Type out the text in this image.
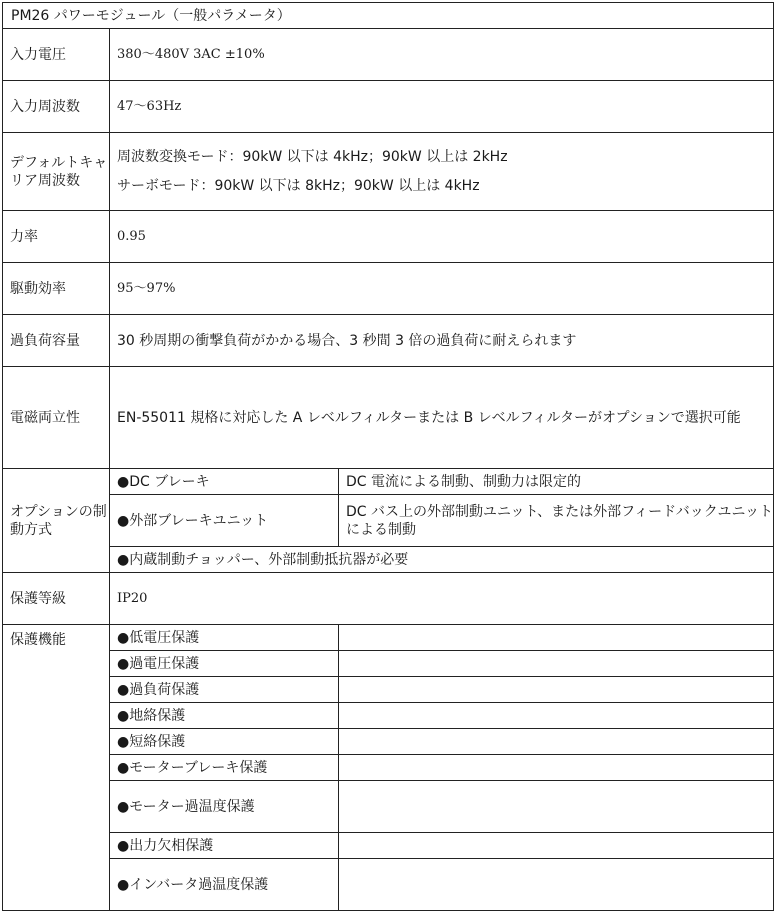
PM26 パワーモジュール（一般パラメータ）		
入力電圧	380～480V 3AC ±10%	
入力周波数	47～63Hz	
デフォルトキャリア周波数	周波数変換モード：90kW 以下は 4kHz；90kW 以上は 2kHz
サーボモード：90kW 以下は 8kHz；90kW 以上は 4kHz	

力率	0.95	
駆動効率	95～97%	
過負荷容量	30 秒周期の衝撃負荷がかかる場合、3 秒間 3 倍の過負荷に耐えられます	
電磁両立性	EN-55011 規格に対応した A レベルフィルターまたは B レベルフィルターがオプションで選択可能	
オプションの制動方式	●DC ブレーキ	DC 電流による制動、制動力は限定的
	●外部ブレーキユニット	DC バス上の外部制動ユニット、または外部フィードバックユニットによる制動
	●内蔵制動チョッパー、外部制動抵抗器が必要	
保護等級	IP20	
保護機能	●低電圧保護	
	●過電圧保護	
	●過負荷保護	
	●地絡保護	
	●短絡保護	
	●モーターブレーキ保護	
	●モーター過温度保護	
	●出力欠相保護	
	●インバータ過温度保護	
